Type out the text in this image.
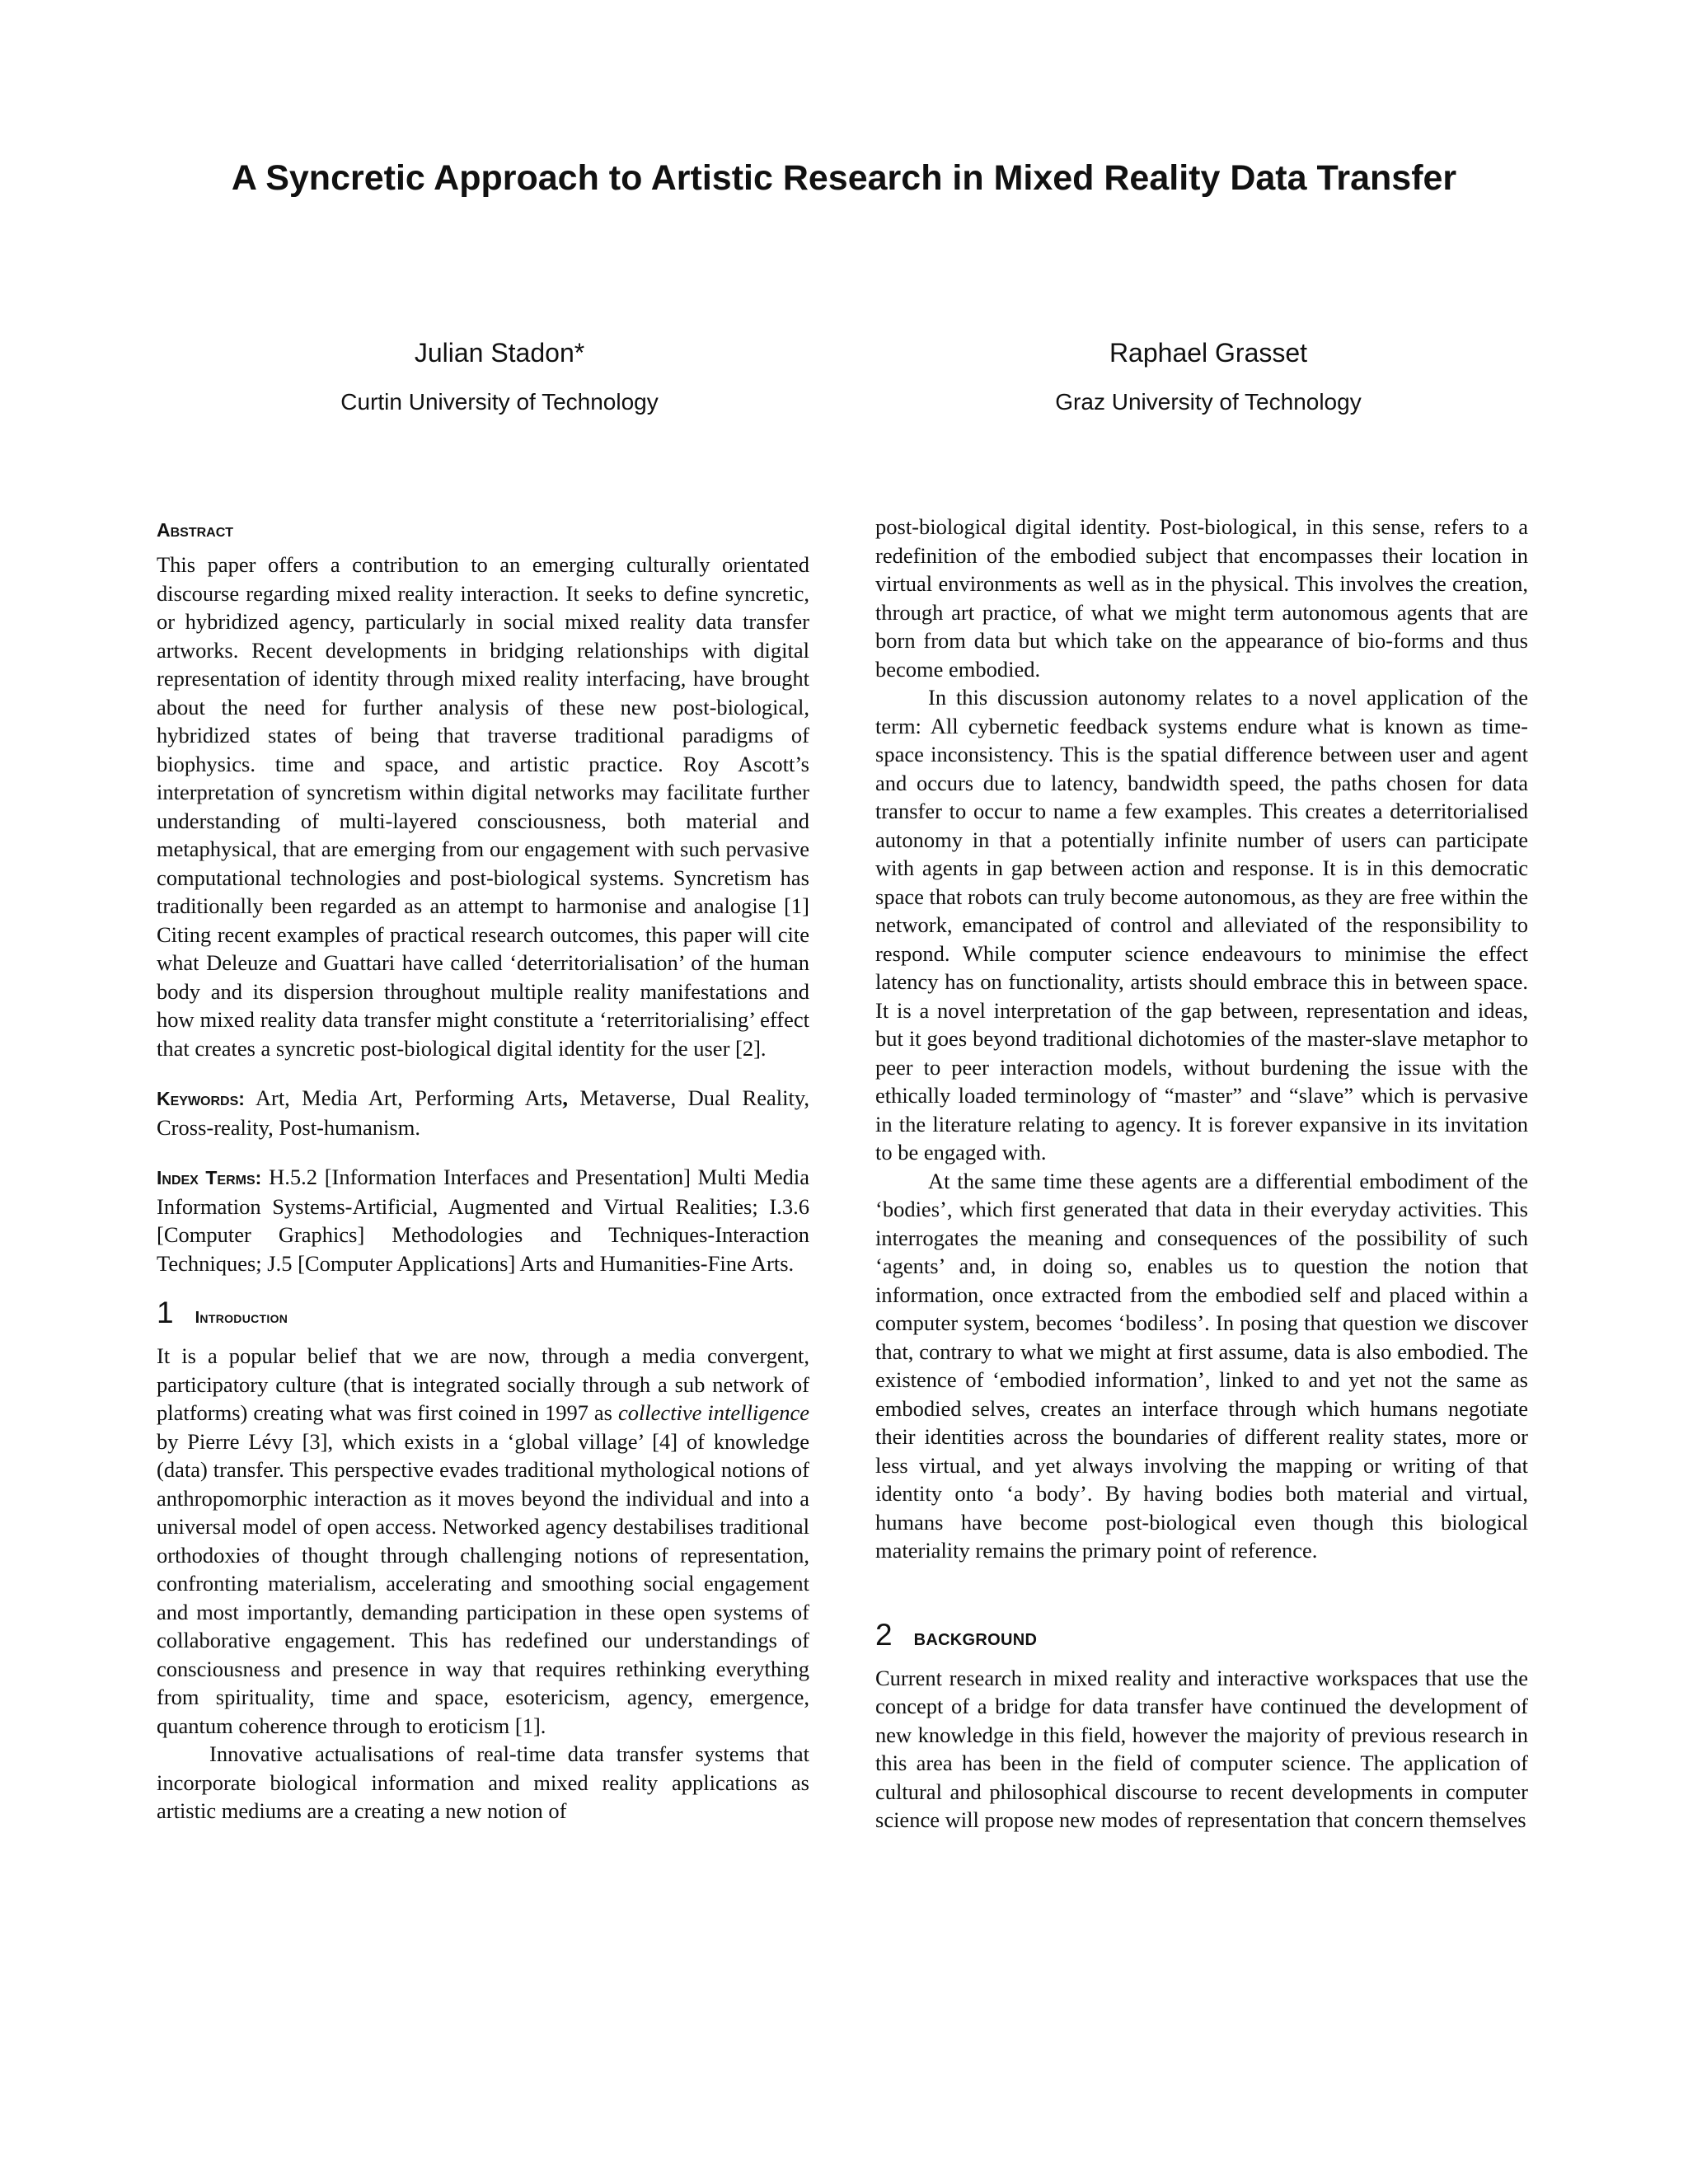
A Syncretic Approach to Artistic Research in Mixed Reality Data Transfer

Julian Stadon*

Curtin University of Technology

Raphael Grasset

Graz University of Technology

Abstract

This paper offers a contribution to an emerging culturally orientated discourse regarding mixed reality interaction. It seeks to define syncretic, or hybridized agency, particularly in social mixed reality data transfer artworks. Recent developments in bridging relationships with digital representation of identity through mixed reality interfacing, have brought about the need for further analysis of these new post-biological, hybridized states of being that traverse traditional paradigms of biophysics. time and space, and artistic practice. Roy Ascott’s interpretation of syncretism within digital networks may facilitate further understanding of multi-layered consciousness, both material and metaphysical, that are emerging from our engagement with such pervasive computational technologies and post-biological systems. Syncretism has traditionally been regarded as an attempt to harmonise and analogise [1] Citing recent examples of practical research outcomes, this paper will cite what Deleuze and Guattari have called ‘deterritorialisation’ of the human body and its dispersion throughout multiple reality manifestations and how mixed reality data transfer might constitute a ‘reterritorialising’ effect that creates a syncretic post-biological digital identity for the user [2].

Keywords: Art, Media Art, Performing Arts, Metaverse, Dual Reality, Cross-reality, Post-humanism.

Index Terms: H.5.2 [Information Interfaces and Presentation] Multi Media Information Systems-Artificial, Augmented and Virtual Realities; I.3.6 [Computer Graphics] Methodologies and Techniques-Interaction Techniques; J.5 [Computer Applications] Arts and Humanities-Fine Arts.

1 Introduction

It is a popular belief that we are now, through a media convergent, participatory culture (that is integrated socially through a sub network of platforms) creating what was first coined in 1997 as collective intelligence by Pierre Lévy [3], which exists in a ‘global village’ [4] of knowledge (data) transfer. This perspective evades traditional mythological notions of anthropomorphic interaction as it moves beyond the individual and into a universal model of open access. Networked agency destabilises traditional orthodoxies of thought through challenging notions of representation, confronting materialism, accelerating and smoothing social engagement and most importantly, demanding participation in these open systems of collaborative engagement. This has redefined our understandings of consciousness and presence in way that requires rethinking everything from spirituality, time and space, esotericism, agency, emergence, quantum coherence through to eroticism [1].

Innovative actualisations of real-time data transfer systems that incorporate biological information and mixed reality applications as artistic mediums are a creating a new notion of

post-biological digital identity. Post-biological, in this sense, refers to a redefinition of the embodied subject that encompasses their location in virtual environments as well as in the physical. This involves the creation, through art practice, of what we might term autonomous agents that are born from data but which take on the appearance of bio-forms and thus become embodied.

In this discussion autonomy relates to a novel application of the term: All cybernetic feedback systems endure what is known as time-space inconsistency. This is the spatial difference between user and agent and occurs due to latency, bandwidth speed, the paths chosen for data transfer to occur to name a few examples. This creates a deterritorialised autonomy in that a potentially infinite number of users can participate with agents in gap between action and response. It is in this democratic space that robots can truly become autonomous, as they are free within the network, emancipated of control and alleviated of the responsibility to respond. While computer science endeavours to minimise the effect latency has on functionality, artists should embrace this in between space. It is a novel interpretation of the gap between, representation and ideas, but it goes beyond traditional dichotomies of the master-slave metaphor to peer to peer interaction models, without burdening the issue with the ethically loaded terminology of “master” and “slave” which is pervasive in the literature relating to agency. It is forever expansive in its invitation to be engaged with.

At the same time these agents are a differential embodiment of the ‘bodies’, which first generated that data in their everyday activities. This interrogates the meaning and consequences of the possibility of such ‘agents’ and, in doing so, enables us to question the notion that information, once extracted from the embodied self and placed within a computer system, becomes ‘bodiless’. In posing that question we discover that, contrary to what we might at first assume, data is also embodied. The existence of ‘embodied information’, linked to and yet not the same as embodied selves, creates an interface through which humans negotiate their identities across the boundaries of different reality states, more or less virtual, and yet always involving the mapping or writing of that identity onto ‘a body’. By having bodies both material and virtual, humans have become post-biological even though this biological materiality remains the primary point of reference.

2 BACKGROUND

Current research in mixed reality and interactive workspaces that use the concept of a bridge for data transfer have continued the development of new knowledge in this field, however the majority of previous research in this area has been in the field of computer science. The application of cultural and philosophical discourse to recent developments in computer science will propose new modes of representation that concern themselves
